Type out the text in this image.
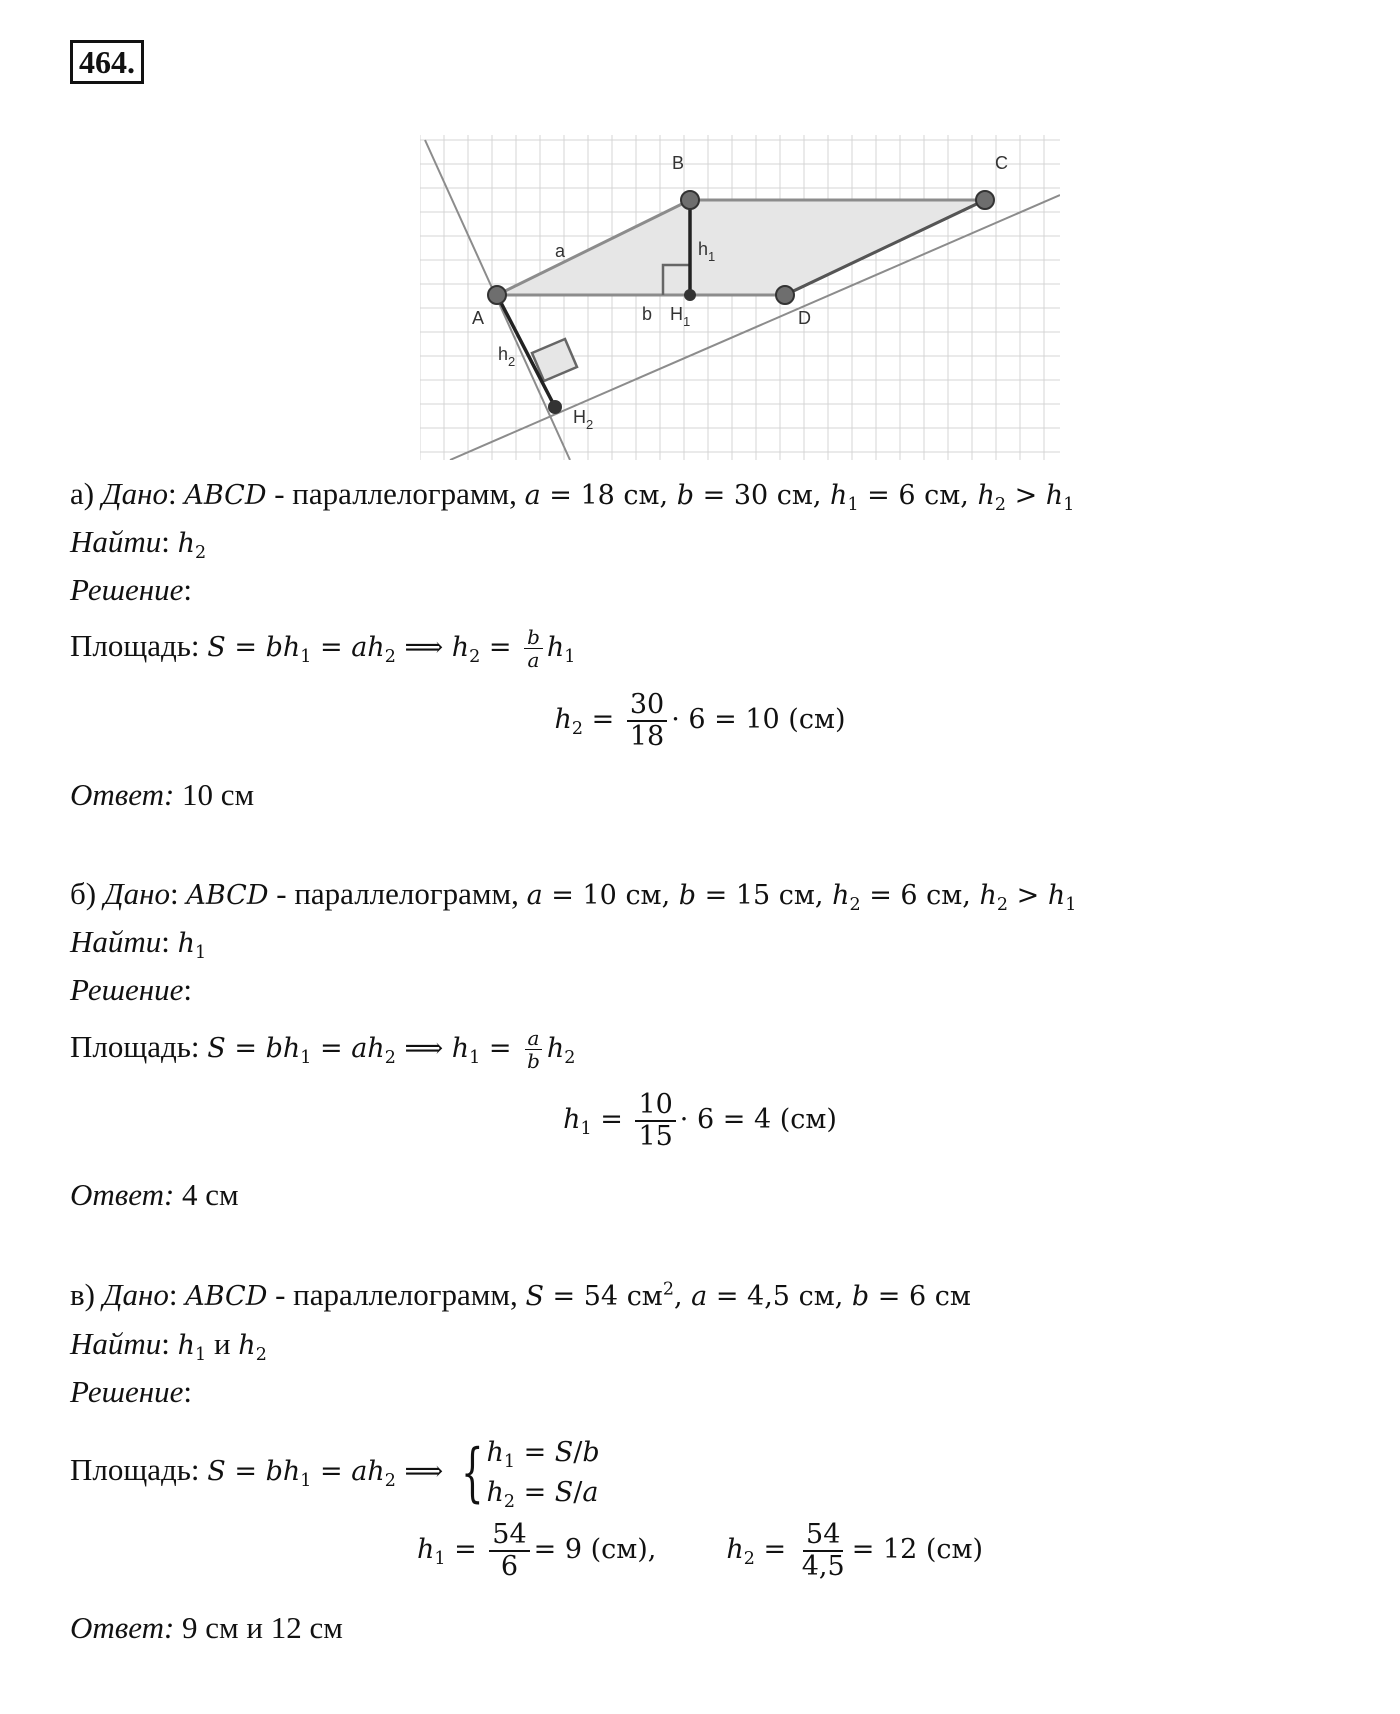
464.
B	C
A	D
a
b
$h_1$
$H_1$
$h_2$
$H_2$
а) Дано: ABCD - параллелограмм, a = 18 см, b = 30 см, $h_1 = 6$ см, $h_2 > h_1$
Найти: $h_2$
Решение:
Площадь: $S = bh_1 = ah_2$ ⟹ $h_2 = \frac{b}{a} h_1$
$h_2 = \frac{30}{18} \cdot 6 = 10$ (см)
Ответ: 10 см
б) Дано: ABCD - параллелограмм, a = 10 см, b = 15 см, $h_2 = 6$ см, $h_2 > h_1$
Найти: $h_1$
Решение:
Площадь: $S = bh_1 = ah_2$ ⟹ $h_1 = \frac{a}{b} h_2$
$h_1 = \frac{10}{15} \cdot 6 = 4$ (см)
Ответ: 4 см
в) Дано: ABCD - параллелограмм, S = 54 $см^2$, a = 4,5 см, b = 6 см
Найти: $h_1$ и $h_2$
Решение:
Площадь: $S = bh_1 = ah_2$ ⟹ { $h_1 = S/b$
$h_2 = S/a$
$h_1 = \frac{54}{6} = 9$ (см),	$h_2 = \frac{54}{4,5} = 12$ (см)
Ответ: 9 см и 12 см
